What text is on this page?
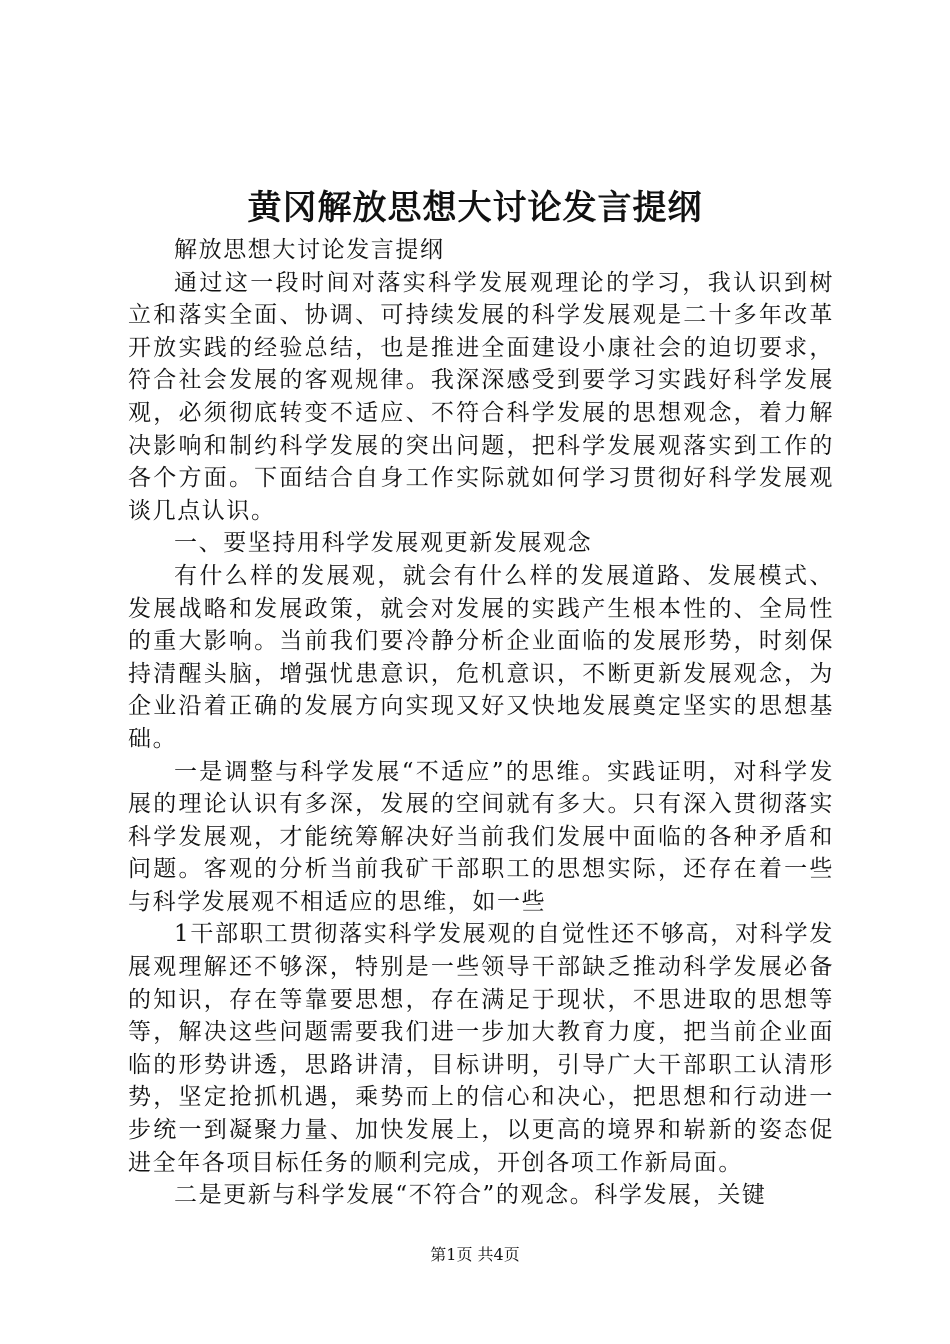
黄冈解放思想大讨论发言提纲

解放思想大讨论发言提纲

通过这一段时间对落实科学发展观理论的学习，我认识到树立和落实全面、协调、可持续发展的科学发展观是二十多年改革开放实践的经验总结，也是推进全面建设小康社会的迫切要求，符合社会发展的客观规律。我深深感受到要学习实践好科学发展观，必须彻底转变不适应、不符合科学发展的思想观念，着力解决影响和制约科学发展的突出问题，把科学发展观落实到工作的各个方面。下面结合自身工作实际就如何学习贯彻好科学发展观谈几点认识。

一、要坚持用科学发展观更新发展观念

有什么样的发展观，就会有什么样的发展道路、发展模式、发展战略和发展政策，就会对发展的实践产生根本性的、全局性的重大影响。当前我们要冷静分析企业面临的发展形势，时刻保持清醒头脑，增强忧患意识，危机意识，不断更新发展观念，为企业沿着正确的发展方向实现又好又快地发展奠定坚实的思想基础。

一是调整与科学发展“不适应”的思维。实践证明，对科学发展的理论认识有多深，发展的空间就有多大。只有深入贯彻落实科学发展观，才能统筹解决好当前我们发展中面临的各种矛盾和问题。客观的分析当前我矿干部职工的思想实际，还存在着一些与科学发展观不相适应的思维，如一些

1干部职工贯彻落实科学发展观的自觉性还不够高，对科学发展观理解还不够深，特别是一些领导干部缺乏推动科学发展必备的知识，存在等靠要思想，存在满足于现状，不思进取的思想等等，解决这些问题需要我们进一步加大教育力度，把当前企业面临的形势讲透，思路讲清，目标讲明，引导广大干部职工认清形势，坚定抢抓机遇，乘势而上的信心和决心，把思想和行动进一步统一到凝聚力量、加快发展上，以更高的境界和崭新的姿态促进全年各项目标任务的顺利完成，开创各项工作新局面。

二是更新与科学发展“不符合”的观念。科学发展，关键

第1页 共4页
